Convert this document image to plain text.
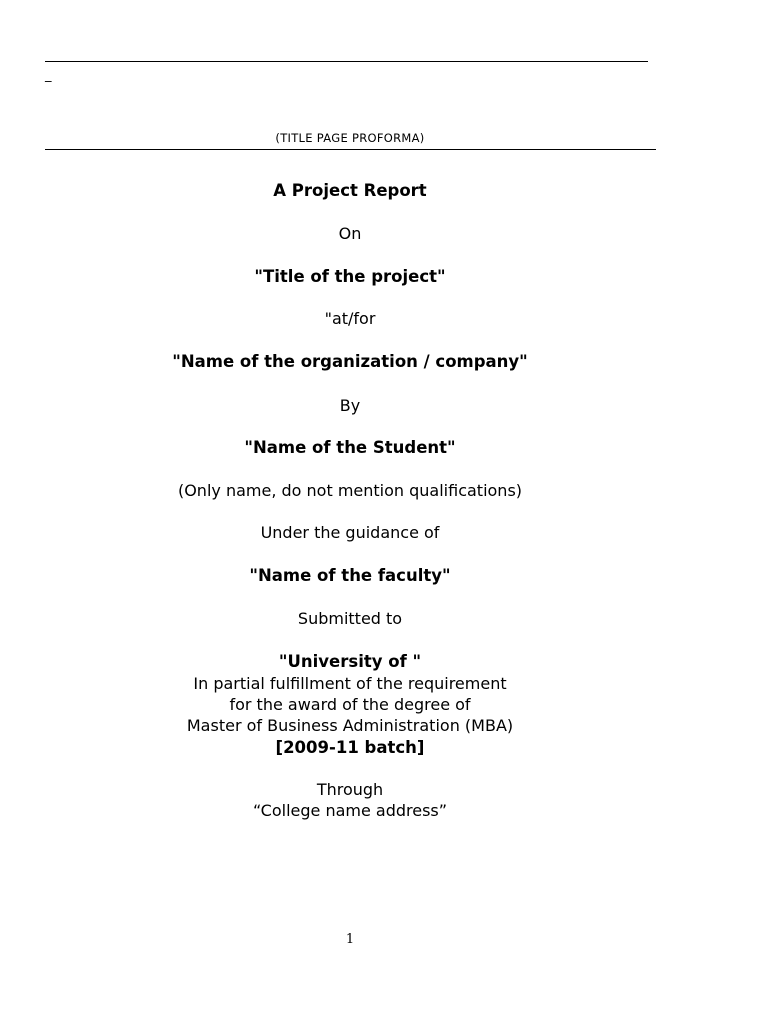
_
(TITLE PAGE PROFORMA)
A Project Report
On
"Title of the project"
"at/for
"Name of the organization / company"
By
"Name of the Student"
(Only name, do not mention qualifications)
Under the guidance of
"Name of the faculty"
Submitted to
"University of "
In partial fulfillment of the requirement
for the award of the degree of
Master of Business Administration (MBA)
[2009-11 batch]
Through
“College name address”
1
